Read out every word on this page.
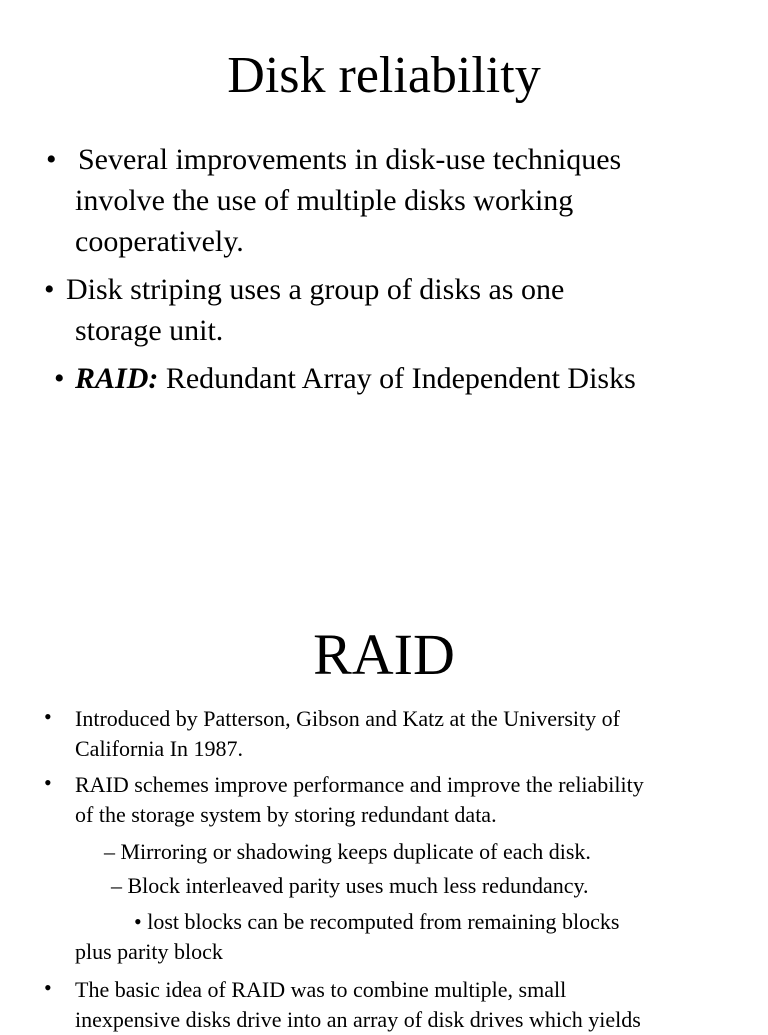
Disk reliability
• Several improvements in disk-use techniques
involve the use of multiple disks working
cooperatively.
• Disk striping uses a group of disks as one
storage unit.
• RAID: Redundant Array of Independent Disks
RAID
• Introduced by Patterson, Gibson and Katz at the University of
California In 1987.
• RAID schemes improve performance and improve the reliability
of the storage system by storing redundant data.
– Mirroring or shadowing keeps duplicate of each disk.
– Block interleaved parity uses much less redundancy.
• lost blocks can be recomputed from remaining blocks
plus parity block
• The basic idea of RAID was to combine multiple, small
inexpensive disks drive into an array of disk drives which yields
